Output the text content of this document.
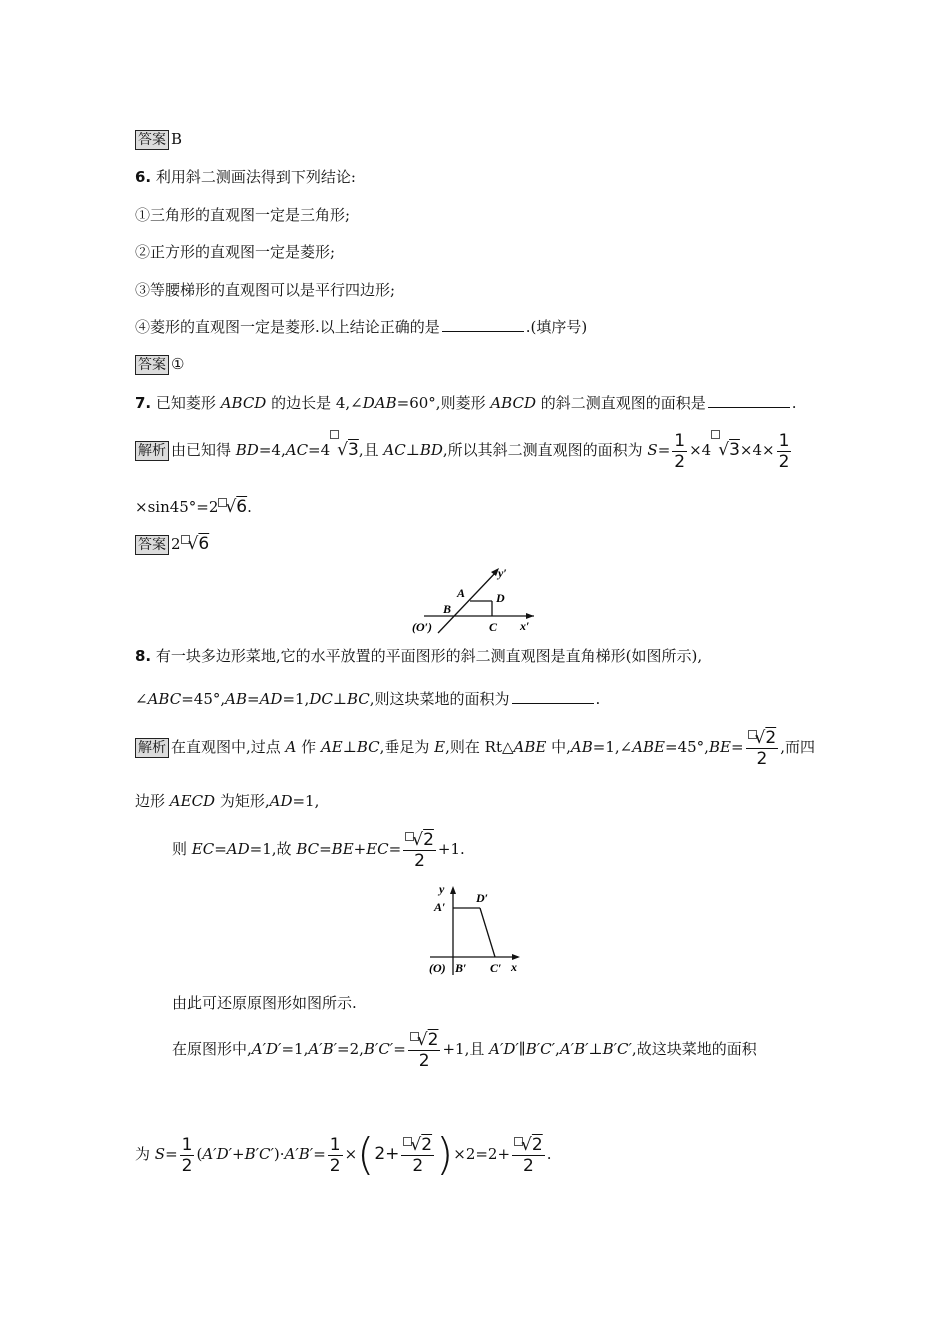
答案 B
6. 利用斜二测画法得到下列结论:
①三角形的直观图一定是三角形;
②正方形的直观图一定是菱形;
③等腰梯形的直观图可以是平行四边形;
④菱形的直观图一定是菱形.以上结论正确的是	.(填序号)
答案 ①
7. 已知菱形 ABCD 的边长是 4,∠DAB=60°,则菱形 ABCD 的斜二测直观图的面积是	.
解析 由已知得 BD=4,AC=4 √3,且 AC⊥BD,所以其斜二测直观图的面积为 $S= \frac{1}{2} \times 4$ $√3\times 4\times \frac{1}{2}$
×sin45°=2 √6.
答案 2 √6
y′
A	D
B
(O′)	C x′
8. 有一块多边形菜地,它的水平放置的平面图形的斜二测直观图是直角梯形(如图所示),
∠ABC=45°,AB=AD=1,DC⊥BC,则这块菜地的面积为	.
解析 在直观图中,过点 A 作 AE⊥BC,垂足为 E,则在 Rt△ABE 中,AB=1,∠ABE=45°,BE= $\frac{√2}{2}$ ,而四
边形 AECD 为矩形,AD=1,
则 EC=AD=1,故 $BC=BE+EC= \frac{√2}{2} +1$.
y
A′
D′
(O) B′ C′ x
由此可还原原图形如图所示.
在原图形中$,A'D'=1,A'B'=2,B'C'= \frac{√2}{2} +1$,且 A′D′∥B′C′,A′B′⊥B′C′,故这块菜地的面积
为 $S= \frac{1}{2} (A'D'+B'C')\cdot A'B'= \frac{1}{2} \times(2+ \frac{√2}{2} )\times 2=2+ \frac{√2}{2}$ .
